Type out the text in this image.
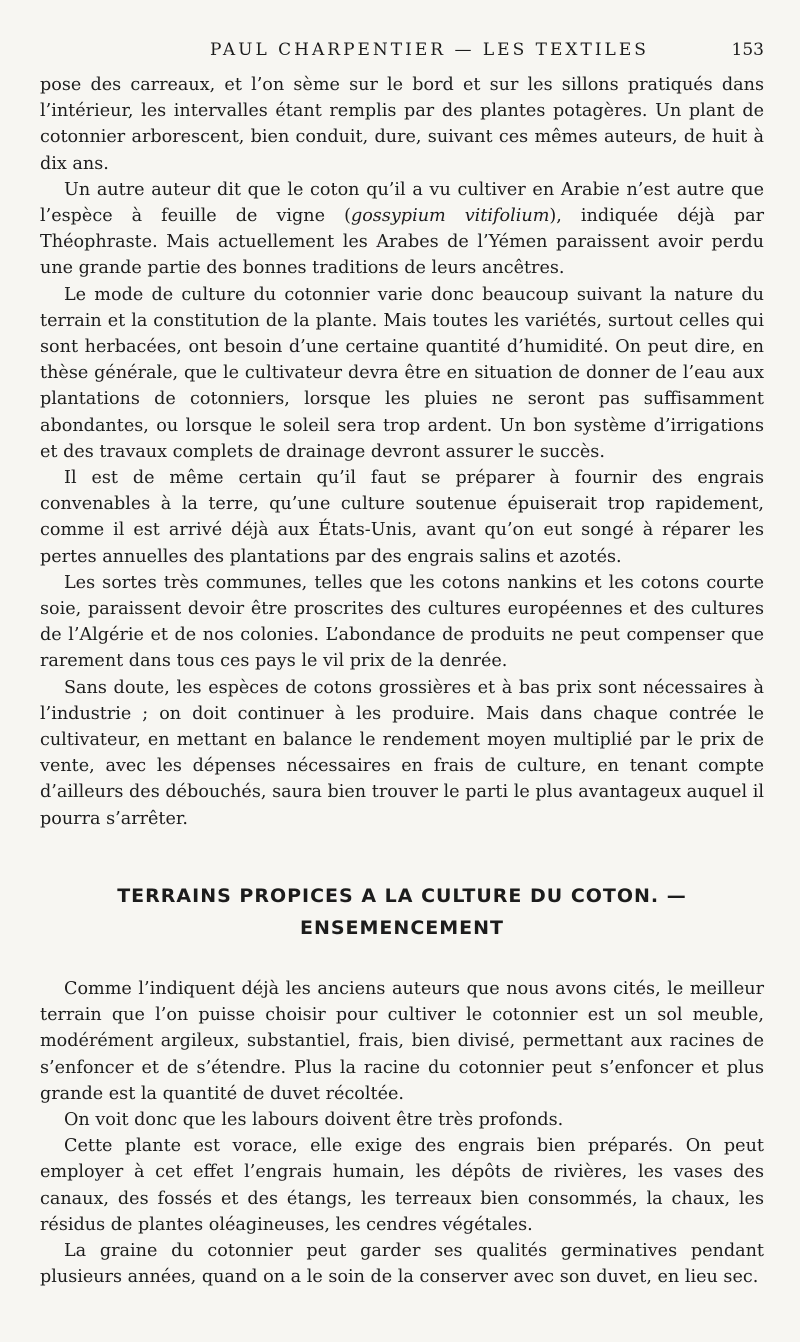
PAUL CHARPENTIER — LES TEXTILES	153

pose des carreaux, et l’on sème sur le bord et sur les sillons pratiqués dans l’intérieur, les intervalles étant remplis par des plantes potagères. Un plant de cotonnier arborescent, bien conduit, dure, suivant ces mêmes auteurs, de huit à dix ans.

Un autre auteur dit que le coton qu’il a vu cultiver en Arabie n’est autre que l’espèce à feuille de vigne (gossypium vitifolium), indiquée déjà par Théophraste. Mais actuellement les Arabes de l’Yémen paraissent avoir perdu une grande partie des bonnes traditions de leurs ancêtres.

Le mode de culture du cotonnier varie donc beaucoup suivant la nature du terrain et la constitution de la plante. Mais toutes les variétés, surtout celles qui sont herbacées, ont besoin d’une certaine quantité d’humidité. On peut dire, en thèse générale, que le cultivateur devra être en situation de donner de l’eau aux plantations de cotonniers, lorsque les pluies ne seront pas suffisamment abondantes, ou lorsque le soleil sera trop ardent. Un bon système d’irrigations et des travaux complets de drainage devront assurer le succès.

Il est de même certain qu’il faut se préparer à fournir des engrais convenables à la terre, qu’une culture soutenue épuiserait trop rapidement, comme il est arrivé déjà aux États-Unis, avant qu’on eut songé à réparer les pertes annuelles des plantations par des engrais salins et azotés.

Les sortes très communes, telles que les cotons nankins et les cotons courte soie, paraissent devoir être proscrites des cultures européennes et des cultures de l’Algérie et de nos colonies. L’abondance de produits ne peut compenser que rarement dans tous ces pays le vil prix de la denrée.

Sans doute, les espèces de cotons grossières et à bas prix sont nécessaires à l’industrie ; on doit continuer à les produire. Mais dans chaque contrée le cultivateur, en mettant en balance le rendement moyen multiplié par le prix de vente, avec les dépenses nécessaires en frais de culture, en tenant compte d’ailleurs des débouchés, saura bien trouver le parti le plus avantageux auquel il pourra s’arrêter.

TERRAINS PROPICES A LA CULTURE DU COTON. —
ENSEMENCEMENT

Comme l’indiquent déjà les anciens auteurs que nous avons cités, le meilleur terrain que l’on puisse choisir pour cultiver le cotonnier est un sol meuble, modérément argileux, substantiel, frais, bien divisé, permettant aux racines de s’enfoncer et de s’étendre. Plus la racine du cotonnier peut s’enfoncer et plus grande est la quantité de duvet récoltée.

On voit donc que les labours doivent être très profonds.

Cette plante est vorace, elle exige des engrais bien préparés. On peut employer à cet effet l’engrais humain, les dépôts de rivières, les vases des canaux, des fossés et des étangs, les terreaux bien consommés, la chaux, les résidus de plantes oléagineuses, les cendres végétales.

La graine du cotonnier peut garder ses qualités germinatives pendant plusieurs années, quand on a le soin de la conserver avec son duvet, en lieu sec.
